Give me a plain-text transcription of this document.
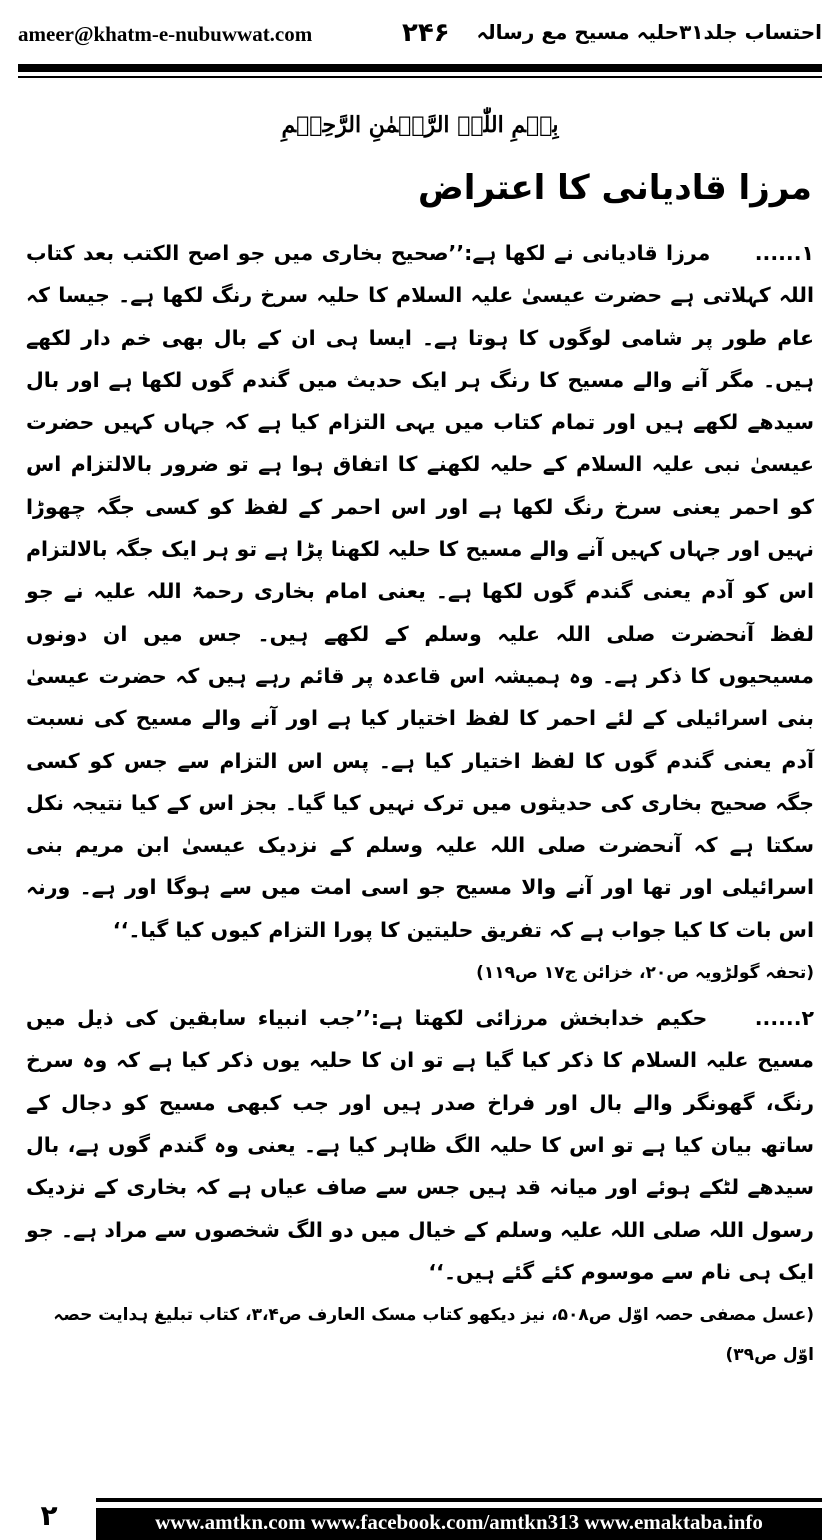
ameer@khatm-e-nubuwwat.com	۲۴۶ احتساب جلد۳۱حلیہ مسیح مع رسالہ
بِسۡمِ اللّٰہِ الرَّحۡمٰنِ الرَّحِیۡمِ
مرزا قادیانی کا اعتراض

۱...... مرزا قادیانی نے لکھا ہے:’’صحیح بخاری میں جو اصح الکتب بعد کتاب اللہ کہلاتی ہے حضرت عیسیٰ علیہ السلام کا حلیہ سرخ رنگ لکھا ہے۔ جیسا کہ عام طور پر شامی لوگوں کا ہوتا ہے۔ ایسا ہی ان کے بال بھی خم دار لکھے ہیں۔ مگر آنے والے مسیح کا رنگ ہر ایک حدیث میں گندم گوں لکھا ہے اور بال سیدھے لکھے ہیں اور تمام کتاب میں یہی التزام کیا ہے کہ جہاں کہیں حضرت عیسیٰ نبی علیہ السلام کے حلیہ لکھنے کا اتفاق ہوا ہے تو ضرور بالالتزام اس کو احمر یعنی سرخ رنگ لکھا ہے اور اس احمر کے لفظ کو کسی جگہ چھوڑا نہیں اور جہاں کہیں آنے والے مسیح کا حلیہ لکھنا پڑا ہے تو ہر ایک جگہ بالالتزام اس کو آدم یعنی گندم گوں لکھا ہے۔ یعنی امام بخاری رحمۃ اللہ علیہ نے جو لفظ آنحضرت صلی اللہ علیہ وسلم کے لکھے ہیں۔ جس میں ان دونوں مسیحیوں کا ذکر ہے۔ وہ ہمیشہ اس قاعدہ پر قائم رہے ہیں کہ حضرت عیسیٰ بنی اسرائیلی کے لئے احمر کا لفظ اختیار کیا ہے اور آنے والے مسیح کی نسبت آدم یعنی گندم گوں کا لفظ اختیار کیا ہے۔ پس اس التزام سے جس کو کسی جگہ صحیح بخاری کی حدیثوں میں ترک نہیں کیا گیا۔ بجز اس کے کیا نتیجہ نکل سکتا ہے کہ آنحضرت صلی اللہ علیہ وسلم کے نزدیک عیسیٰ ابن مریم بنی اسرائیلی اور تھا اور آنے والا مسیح جو اسی امت میں سے ہوگا اور ہے۔ ورنہ اس بات کا کیا جواب ہے کہ تفریق حلیتین کا پورا التزام کیوں کیا گیا۔‘‘

(تحفہ گولڑویہ ص۲۰، خزائن ج۱۷ ص۱۱۹)

۲...... حکیم خدابخش مرزائی لکھتا ہے:’’جب انبیاء سابقین کی ذیل میں مسیح علیہ السلام کا ذکر کیا گیا ہے تو ان کا حلیہ یوں ذکر کیا ہے کہ وہ سرخ رنگ، گھونگر والے بال اور فراخ صدر ہیں اور جب کبھی مسیح کو دجال کے ساتھ بیان کیا ہے تو اس کا حلیہ الگ ظاہر کیا ہے۔ یعنی وہ گندم گوں ہے، بال سیدھے لٹکے ہوئے اور میانہ قد ہیں جس سے صاف عیاں ہے کہ بخاری کے نزدیک رسول اللہ صلی اللہ علیہ وسلم کے خیال میں دو الگ شخصوں سے مراد ہے۔ جو ایک ہی نام سے موسوم کئے گئے ہیں۔‘‘

(عسل مصفی حصہ اوّل ص۵۰۸، نیز دیکھو کتاب مسک العارف ص۳،۴، کتاب تبلیغ ہدایت حصہ اوّل ص۳۹)

www.amtkn.com www.facebook.com/amtkn313 www.emaktaba.info
۲
